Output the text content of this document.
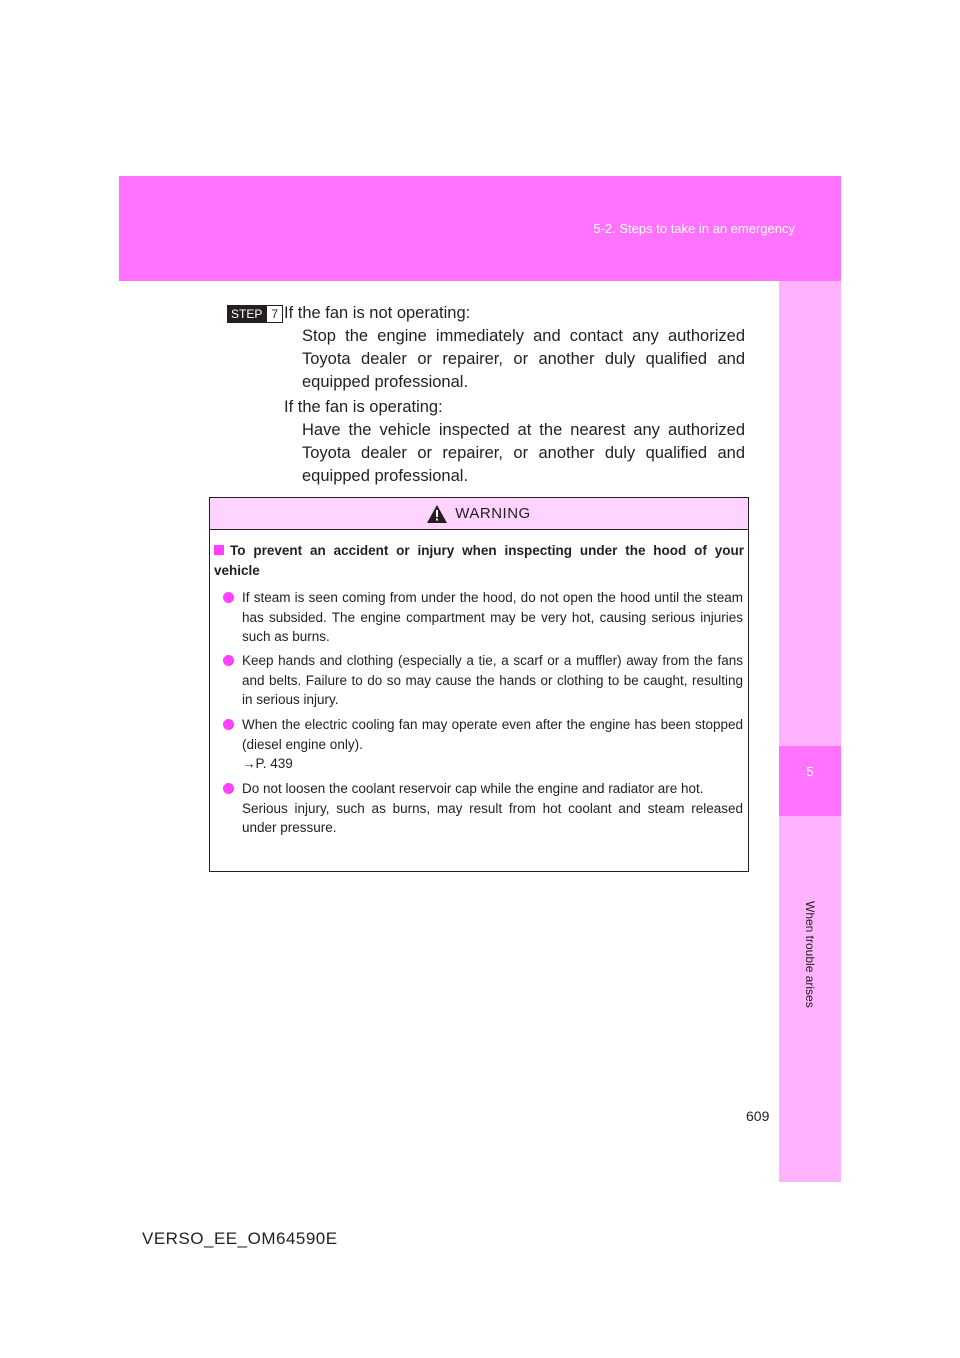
5-2. Steps to take in an emergency
5
When trouble arises
STEP 7 If the fan is not operating:
Stop the engine immediately and contact any authorized Toyota dealer or repairer, or another duly qualified and equipped professional.
If the fan is operating:
Have the vehicle inspected at the nearest any authorized Toyota dealer or repairer, or another duly qualified and equipped professional.
WARNING
To prevent an accident or injury when inspecting under the hood of your vehicle
If steam is seen coming from under the hood, do not open the hood until the steam has subsided. The engine compartment may be very hot, causing serious injuries such as burns.
Keep hands and clothing (especially a tie, a scarf or a muffler) away from the fans and belts. Failure to do so may cause the hands or clothing to be caught, resulting in serious injury.
When the electric cooling fan may operate even after the engine has been stopped (diesel engine only).
→P. 439
Do not loosen the coolant reservoir cap while the engine and radiator are hot.
Serious injury, such as burns, may result from hot coolant and steam released under pressure.
609
VERSO_EE_OM64590E
